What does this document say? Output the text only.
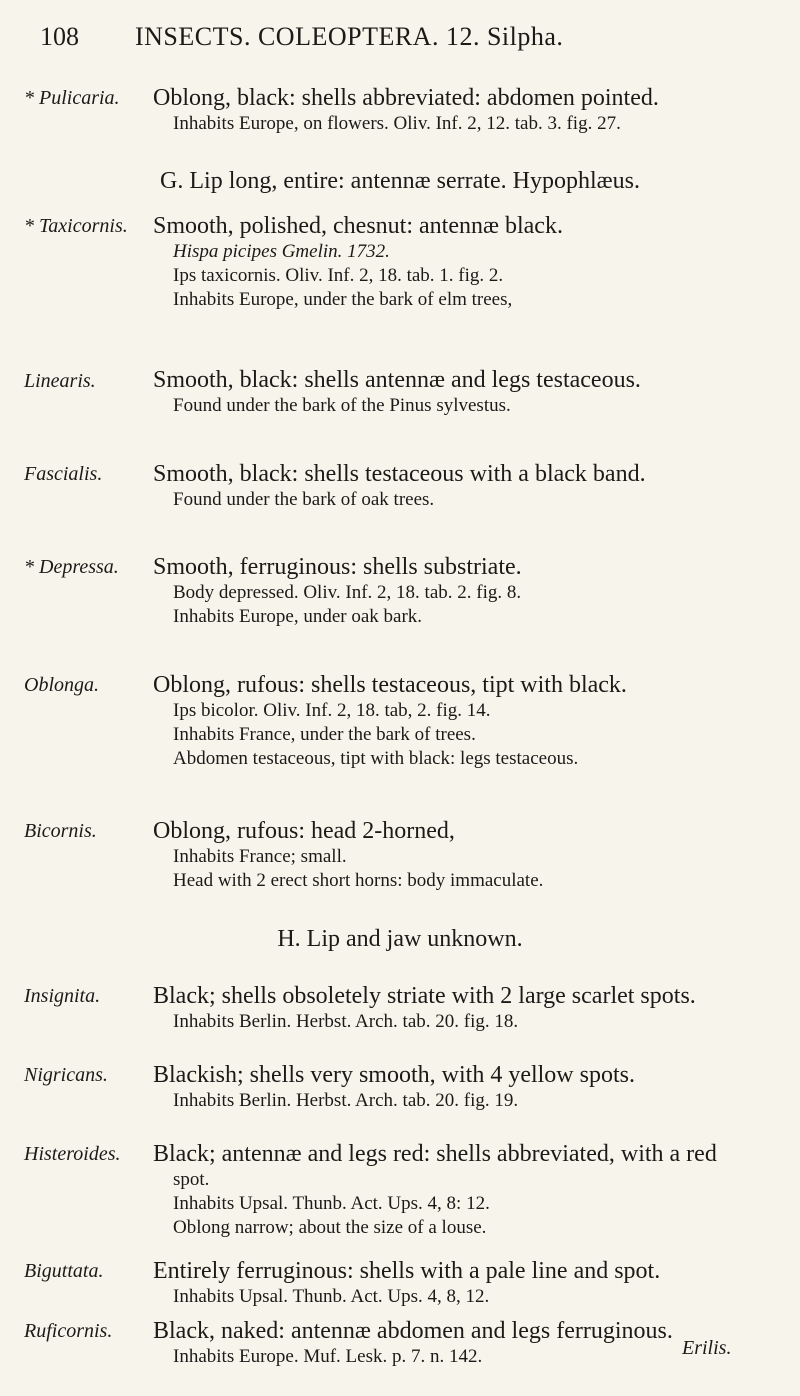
108 INSECTS. COLEOPTERA. 12. Silpha.
* Pulicaria.	Oblong, black: shells abbreviated: abdomen pointed.
Inhabits Europe, on flowers. Oliv. Inf. 2, 12. tab. 3. fig. 27.
G. Lip long, entire: antennæ serrate. Hypophlæus.
* Taxicornis.	Smooth, polished, chesnut: antennæ black.
Hispa picipes Gmelin. 1732.
Ips taxicornis. Oliv. Inf. 2, 18. tab. 1. fig. 2.
Inhabits Europe, under the bark of elm trees,
Linearis.	Smooth, black: shells antennæ and legs testaceous.
Found under the bark of the Pinus sylvestus.
Fascialis.	Smooth, black: shells testaceous with a black band.
Found under the bark of oak trees.
* Depressa.	Smooth, ferruginous: shells substriate.
Body depressed. Oliv. Inf. 2, 18. tab. 2. fig. 8.
Inhabits Europe, under oak bark.
Oblonga.	Oblong, rufous: shells testaceous, tipt with black.
Ips bicolor. Oliv. Inf. 2, 18. tab, 2. fig. 14.
Inhabits France, under the bark of trees.
Abdomen testaceous, tipt with black: legs testaceous.
Bicornis.	Oblong, rufous: head 2-horned,
Inhabits France; small.
Head with 2 erect short horns: body immaculate.
H. Lip and jaw unknown.
Insignita.	Black; shells obsoletely striate with 2 large scarlet spots.
Inhabits Berlin. Herbst. Arch. tab. 20. fig. 18.
Nigricans.	Blackish; shells very smooth, with 4 yellow spots.
Inhabits Berlin. Herbst. Arch. tab. 20. fig. 19.
Histeroides.	Black; antennæ and legs red: shells abbreviated, with a red
spot.
Inhabits Upsal. Thunb. Act. Ups. 4, 8: 12.
Oblong narrow; about the size of a louse.
Biguttata.	Entirely ferruginous: shells with a pale line and spot.
Inhabits Upsal. Thunb. Act. Ups. 4, 8, 12.
Ruficornis.	Black, naked: antennæ abdomen and legs ferruginous.
Inhabits Europe. Muf. Lesk. p. 7. n. 142.	Erilis.
